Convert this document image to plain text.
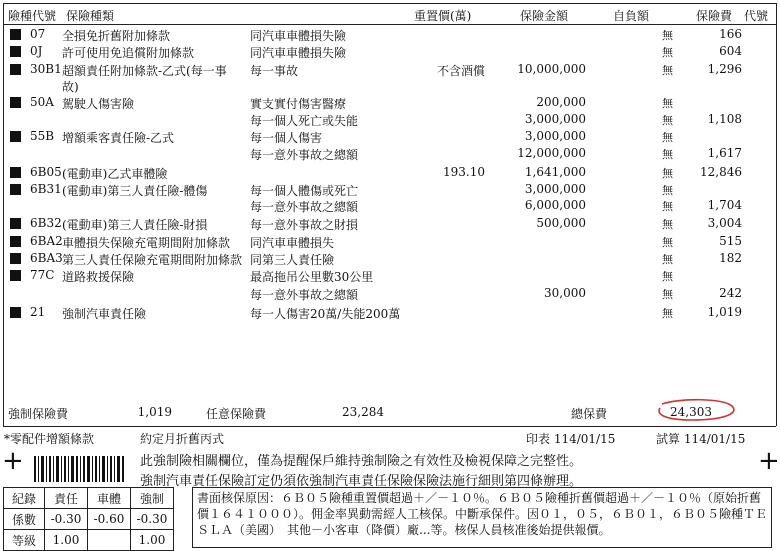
險種代號 保險種類	重置價(萬)	保險金額	自負額	保險費 代號
07 全損免折舊附加條款	同汽車車體損失險	無	166
0J 許可使用免追償附加條款	同汽車車體損失險	無	604
30B1 超額責任附加條款-乙式(每一事
故)
每一事故	不含酒償	10,000,000	無	1,296
50A 駕駛人傷害險	實支實付傷害醫療	200,000	無
每一個人死亡或失能	3,000,000	無	1,108
55B 增額乘客責任險-乙式	每一個人傷害	3,000,000	無
每一意外事故之總額	12,000,000	無	1,617
6B05 (電動車)乙式車體險	193.10	1,641,000	無	12,846
6B31 (電動車)第三人責任險-體傷	每一個人體傷或死亡	3,000,000	無
每一意外事故之總額	6,000,000	無	1,704
6B32 (電動車)第三人責任險-財損	每一意外事故之財損	500,000	無	3,004
6BA2 車體損失保險充電期間附加條款 同汽車車體損失	無	515
6BA3 第三人責任保險充電期間附加條款 同第三人責任險	無	182
77C 道路救援保險	最高拖吊公里數30公里	無
每一意外事故之總額	30,000	無	242
21 強制汽車責任險	每一人傷害20萬/失能200萬	無	1,019
強制保險費	1,019	任意保險費	23,284	總保費	24,303
*零配件增額條款	約定月折舊丙式	印表 114/01/15	試算 114/01/15
+	+
此強制險相關欄位，僅為提醒保戶維持強制險之有效性及檢視保障之完整性。
強制汽車責任保險訂定仍須依強制汽車責任保險保險法施行細則第四條辦理。
紀錄	責任	車體	強制
係數	-0.30	-0.60	-0.30
等級	1.00		1.00
書面核保原因：６Ｂ０５險種重置價超過＋／－１０％。６Ｂ０５險種折舊價超過＋／－１０％（原始折舊價１６４１０００）。佣金率異動需經人工核保。中斷承保件。因０１，０５，６Ｂ０１，６Ｂ０５險種ＴＥＳＬＡ（美國）　其他－小客車（降價）廠...等。核保人員核准後始提供報價。
